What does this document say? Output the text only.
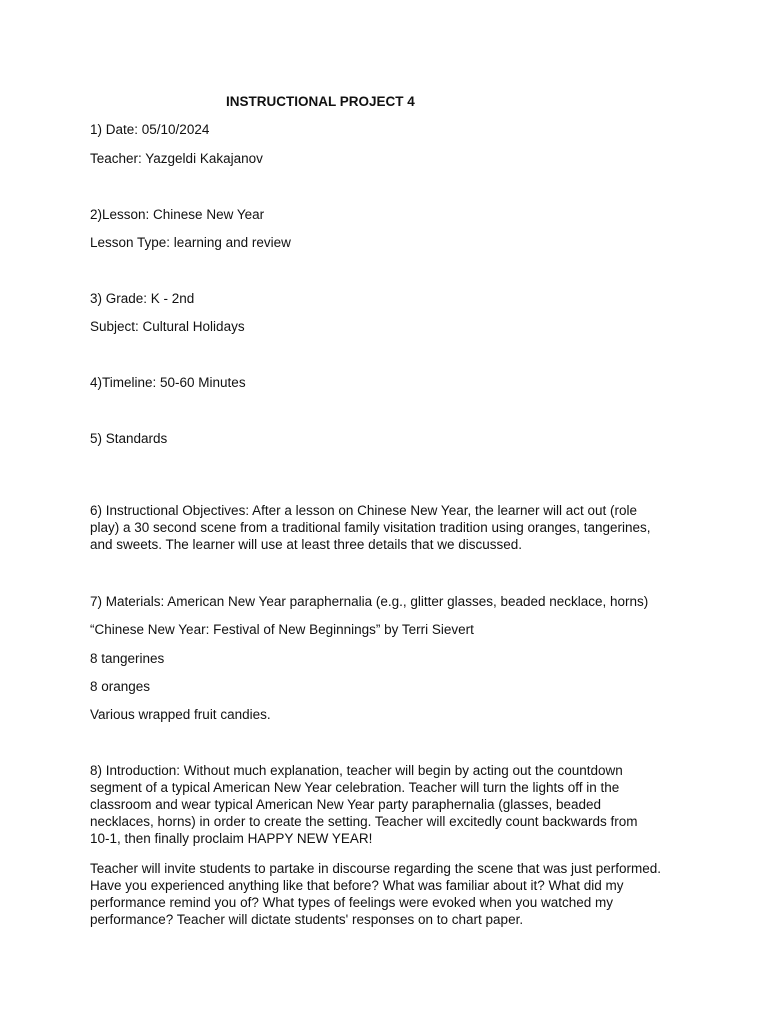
INSTRUCTIONAL PROJECT 4

1) Date: 05/10/2024

Teacher: Yazgeldi Kakajanov

2)Lesson: Chinese New Year

Lesson Type: learning and review

3) Grade: K - 2nd

Subject: Cultural Holidays

4)Timeline: 50-60 Minutes

5) Standards

6) Instructional Objectives: After a lesson on Chinese New Year, the learner will act out (role
play) a 30 second scene from a traditional family visitation tradition using oranges, tangerines,
and sweets. The learner will use at least three details that we discussed.

7) Materials: American New Year paraphernalia (e.g., glitter glasses, beaded necklace, horns)

“Chinese New Year: Festival of New Beginnings” by Terri Sievert

8 tangerines

8 oranges

Various wrapped fruit candies.

8) Introduction: Without much explanation, teacher will begin by acting out the countdown
segment of a typical American New Year celebration. Teacher will turn the lights off in the
classroom and wear typical American New Year party paraphernalia (glasses, beaded
necklaces, horns) in order to create the setting. Teacher will excitedly count backwards from
10-1, then finally proclaim HAPPY NEW YEAR!
Teacher will invite students to partake in discourse regarding the scene that was just performed.
Have you experienced anything like that before? What was familiar about it? What did my
performance remind you of? What types of feelings were evoked when you watched my
performance? Teacher will dictate students' responses on to chart paper.
